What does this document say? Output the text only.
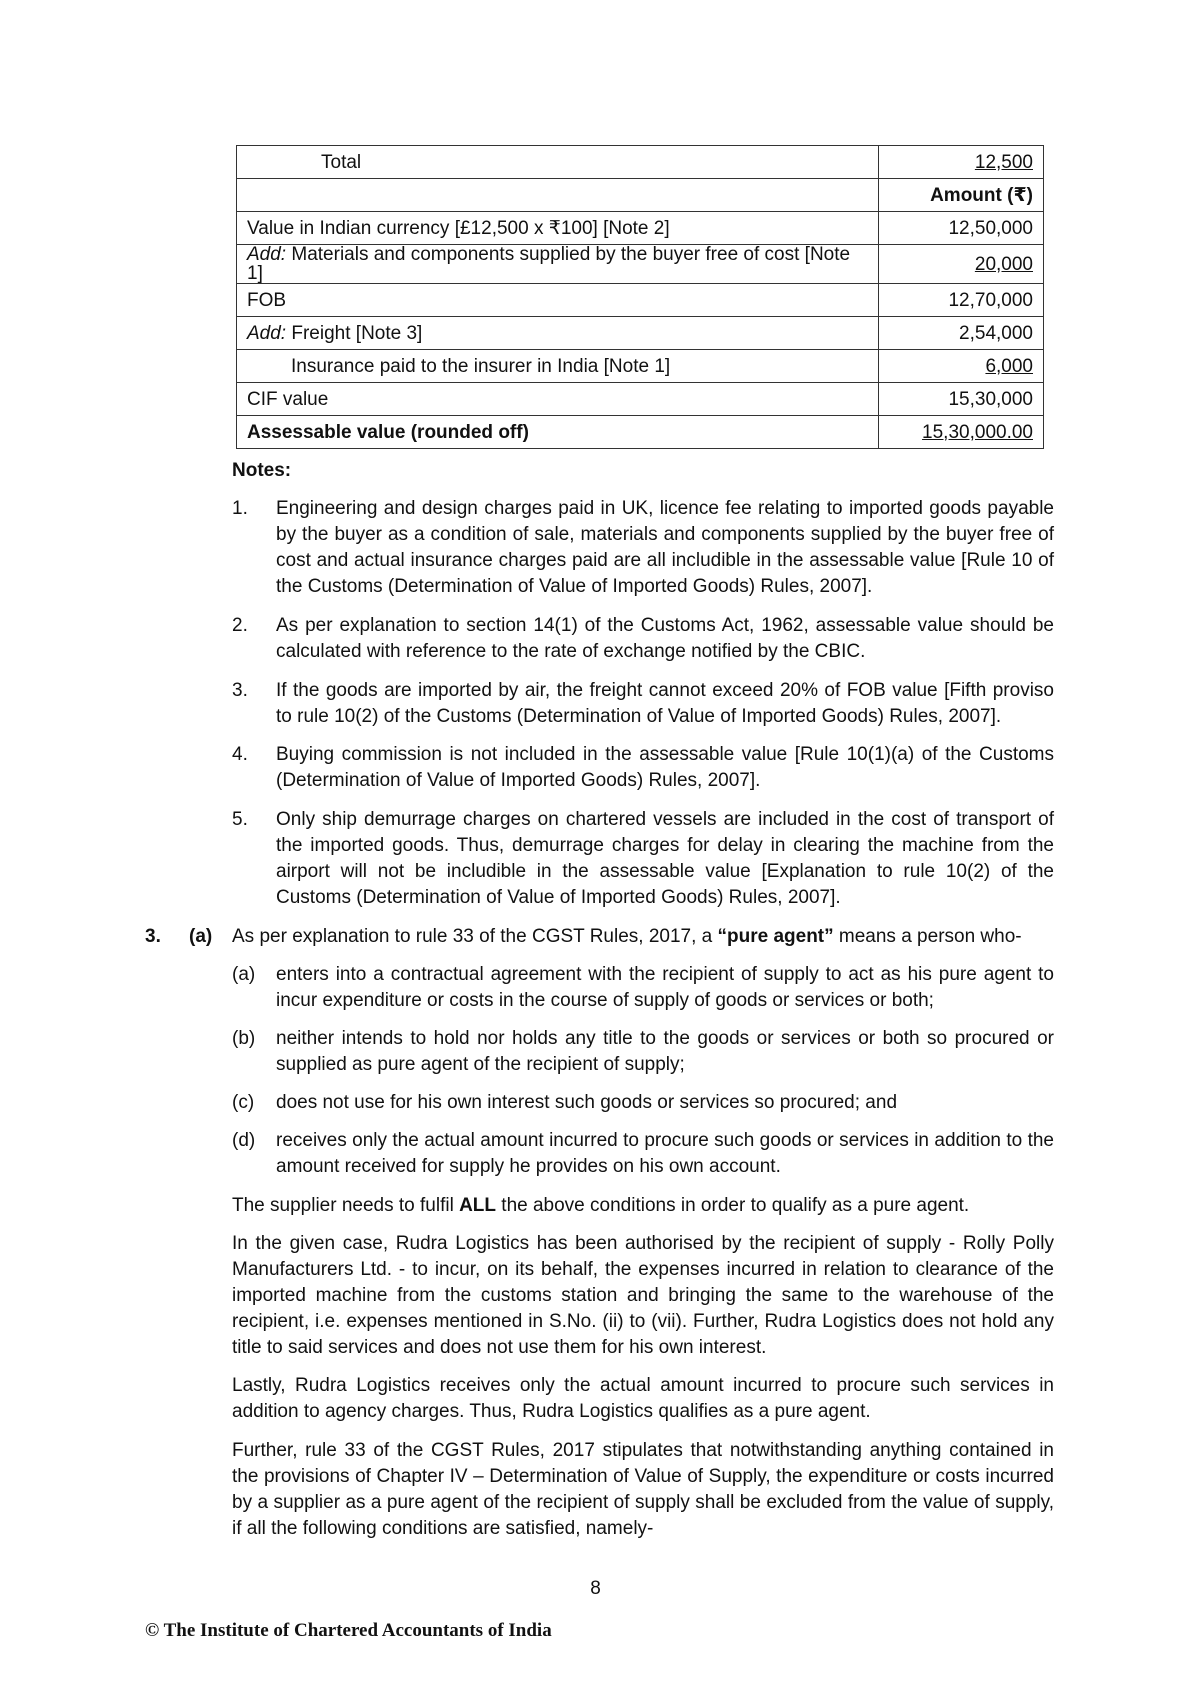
Total	12,500
	Amount (₹)
Value in Indian currency [£12,500 x ₹100] [Note 2]	12,50,000
Add: Materials and components supplied by the buyer free of cost [Note 1]	20,000
FOB	12,70,000
Add: Freight [Note 3]	2,54,000
Insurance paid to the insurer in India [Note 1]	6,000
CIF value	15,30,000
Assessable value (rounded off)	15,30,000.00
Notes:
1.	Engineering and design charges paid in UK, licence fee relating to imported goods payable by the buyer as a condition of sale, materials and components supplied by the buyer free of cost and actual insurance charges paid are all includible in the assessable value [Rule 10 of the Customs (Determination of Value of Imported Goods) Rules, 2007].
2.	As per explanation to section 14(1) of the Customs Act, 1962, assessable value should be calculated with reference to the rate of exchange notified by the CBIC.
3.	If the goods are imported by air, the freight cannot exceed 20% of FOB value [Fifth proviso to rule 10(2) of the Customs (Determination of Value of Imported Goods) Rules, 2007].
4.	Buying commission is not included in the assessable value [Rule 10(1)(a) of the Customs (Determination of Value of Imported Goods) Rules, 2007].
5.	Only ship demurrage charges on chartered vessels are included in the cost of transport of the imported goods. Thus, demurrage charges for delay in clearing the machine from the airport will not be includible in the assessable value [Explanation to rule 10(2) of the Customs (Determination of Value of Imported Goods) Rules, 2007].
3. (a) As per explanation to rule 33 of the CGST Rules, 2017, a “pure agent” means a person who-
(a)	enters into a contractual agreement with the recipient of supply to act as his pure agent to incur expenditure or costs in the course of supply of goods or services or both;
(b)	neither intends to hold nor holds any title to the goods or services or both so procured or supplied as pure agent of the recipient of supply;
(c)	does not use for his own interest such goods or services so procured; and
(d)	receives only the actual amount incurred to procure such goods or services in addition to the amount received for supply he provides on his own account.
The supplier needs to fulfil ALL the above conditions in order to qualify as a pure agent.
In the given case, Rudra Logistics has been authorised by the recipient of supply - Rolly Polly Manufacturers Ltd. - to incur, on its behalf, the expenses incurred in relation to clearance of the imported machine from the customs station and bringing the same to the warehouse of the recipient, i.e. expenses mentioned in S.No. (ii) to (vii). Further, Rudra Logistics does not hold any title to said services and does not use them for his own interest.
Lastly, Rudra Logistics receives only the actual amount incurred to procure such services in addition to agency charges. Thus, Rudra Logistics qualifies as a pure agent.
Further, rule 33 of the CGST Rules, 2017 stipulates that notwithstanding anything contained in the provisions of Chapter IV – Determination of Value of Supply, the expenditure or costs incurred by a supplier as a pure agent of the recipient of supply shall be excluded from the value of supply, if all the following conditions are satisfied, namely-
8
© The Institute of Chartered Accountants of India
